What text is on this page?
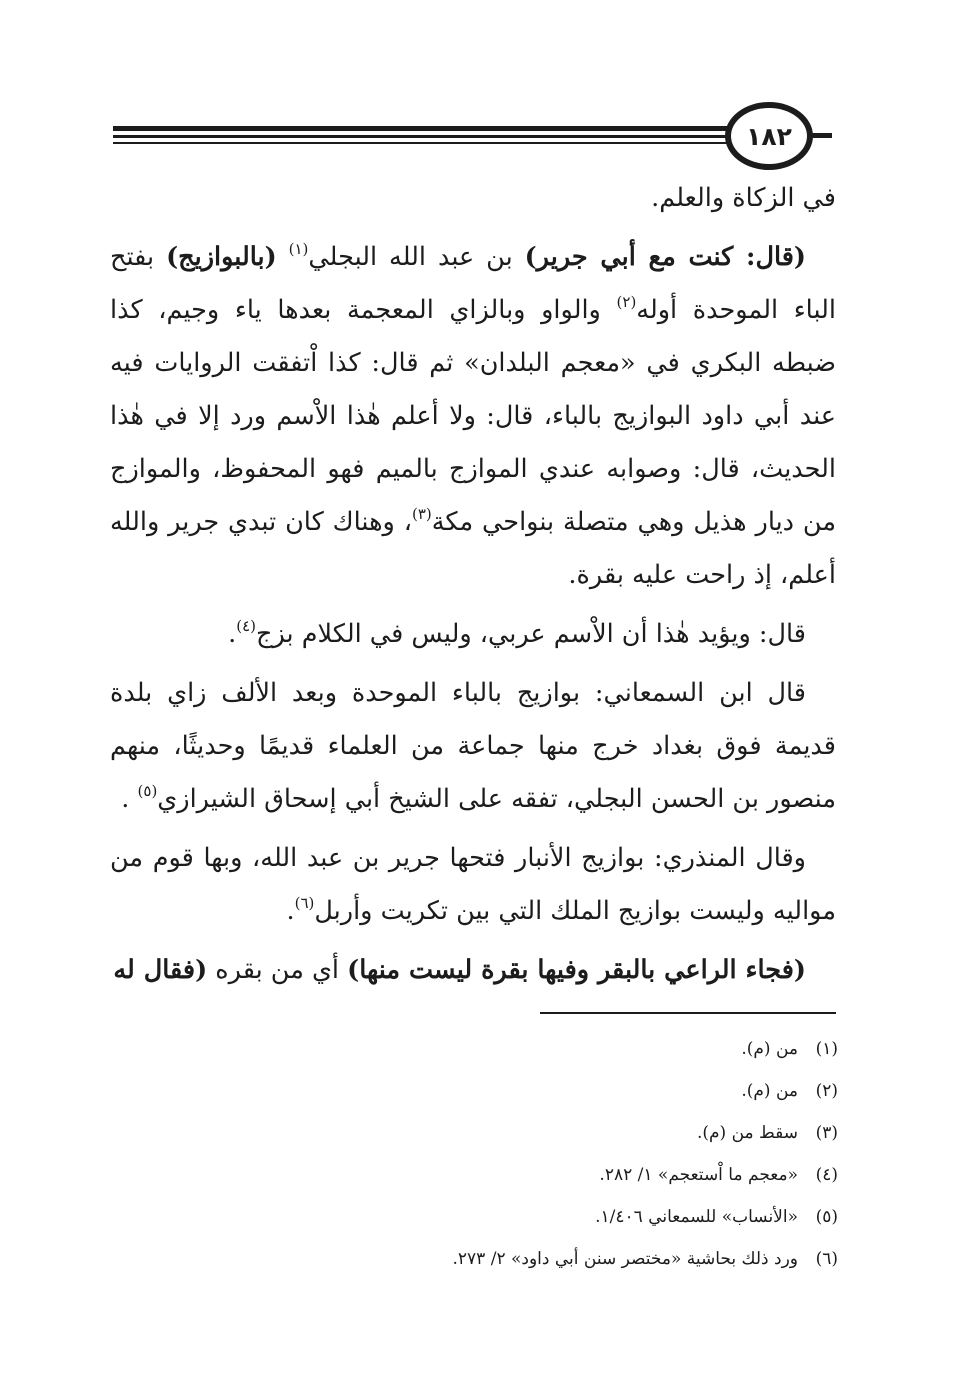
١٨٢

في الزكاة والعلم.

(قال: كنت مع أبي جرير) بن عبد الله البجلي$^{(١)}$ (بالبوازيج) بفتح الباء الموحدة أوله$^{(٢)}$ والواو وبالزاي المعجمة بعدها ياء وجيم، كذا ضبطه البكري في «معجم البلدان» ثم قال: كذا اْتفقت الروايات فيه عند أبي داود البوازيج بالباء، قال: ولا أعلم هٰذا الاْسم ورد إلا في هٰذا الحديث، قال: وصوابه عندي الموازج بالميم فهو المحفوظ، والموازج من ديار هذيل وهي متصلة بنواحي مكة$^{(٣)}$، وهناك كان تبدي جرير والله أعلم، إذ راحت عليه بقرة.

قال: ويؤيد هٰذا أن الاْسم عربي، وليس في الكلام بزج$^{(٤)}$.

قال ابن السمعاني: بوازيج بالباء الموحدة وبعد الألف زاي بلدة قديمة فوق بغداد خرج منها جماعة من العلماء قديمًا وحديثًا، منهم منصور بن الحسن البجلي، تفقه على الشيخ أبي إسحاق الشيرازي$^{(٥)}$ .

وقال المنذري: بوازيج الأنبار فتحها جرير بن عبد الله، وبها قوم من مواليه وليست بوازيج الملك التي بين تكريت وأربل$^{(٦)}$.

(فجاء الراعي بالبقر وفيها بقرة ليست منها) أي من بقره (فقال له

(١)من (م).
(٢)من (م).
(٣)سقط من (م).
(٤)«معجم ما اْستعجم» ١/ ٢٨٢.
(٥)«الأنساب» للسمعاني ١/٤٠٦.
(٦)ورد ذلك بحاشية «مختصر سنن أبي داود» ٢/ ٢٧٣.
